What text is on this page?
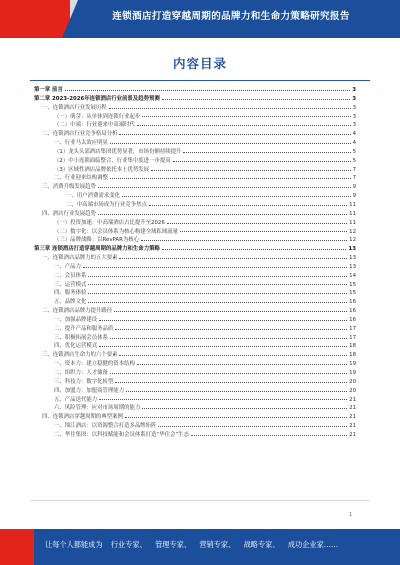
连锁酒店打造穿越周期的品牌力和生命力策略研究报告
内容目录
第一章 前言	3
第二章 2023-2026年连锁酒店行业前景及趋势预测	3
一、连锁酒店行业发展历程	3
（一）萌芽：从单体到连锁行业起步	3
（二）中端：行业迎来中高端时代	3
二、连锁酒店行业竞争格局分析	4
一、行业马太效应明显	4
（1）龙头头部酒店集团优势显著，市场份额持续提升	5
（2）中小连锁面临整合，行业集中度进一步提高	5
（3）区域性酒店品牌依托本土优势发展	7
二、行业迎来结构调整	7
三、消费升级发展趋势	9
一、用户消费需求变化	9
二、中高端市场成为行业竞争焦点	11
四、酒店行业发展趋势	11
（一）投资加速：中高端酒店占比提升至2026	11
（二）数字化：以会员体系为核心构建全域私域流量	12
（三）品牌战略：以RevPAR为核心	12
第三章 连锁酒店打造穿越周期的品牌力和生命力策略	13
一、连锁酒店品牌力的五大要素	13
一、产品力	13
二、会员体系	14
三、运营模式	15
四、服务体验	15
五、品牌文化	16
二、连锁酒店品牌力提升路径	16
一、加强品牌建设	16
二、提升产品和服务品质	17
三、积极拓展会员体系	17
四、优化运营模式	18
三、连锁酒店生命力的六个要素	18
一、资本力：建立稳健的资本结构	19
二、组织力：人才储备	19
三、科技力：数字化转型	20
四、加盟力：加盟商管理能力	20
五、产品迭代能力	21
六、风险管理：应对市场周期的能力	21
四、连锁酒店穿越周期的典型案例	21
一、锦江酒店：以资源整合打造多品牌矩阵	21
二、华住集团：以科技赋能和会员体系打造“华住会”生态	21
1
让每个人都能成为 行业专家、 管理专家、 营销专家、 战略专家、 成功企业家……
